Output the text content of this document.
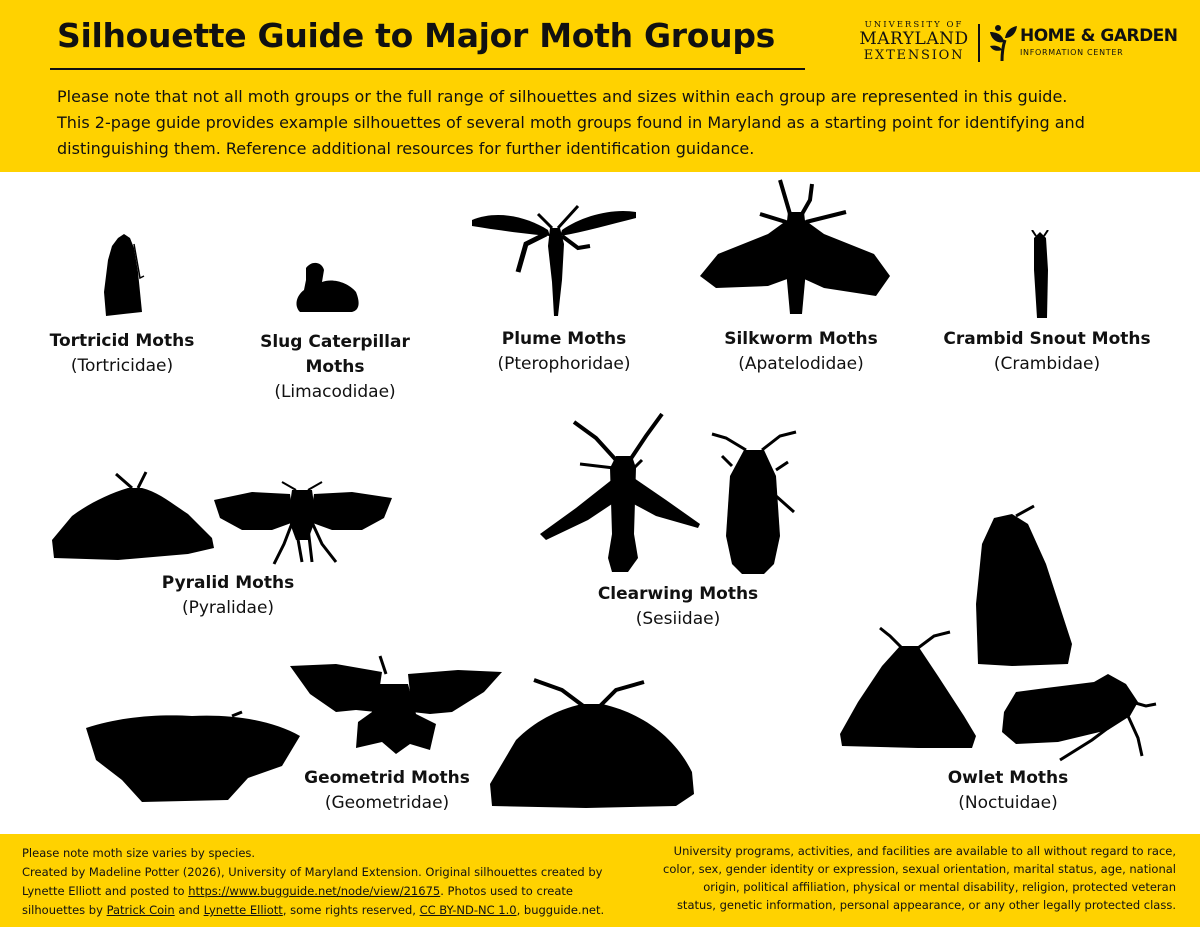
Silhouette Guide to Major Moth Groups	UNIVERSITY OF
MARYLAND
EXTENSION
HOME & GARDEN
INFORMATION CENTER
Please note that not all moth groups or the full range of silhouettes and sizes within each group are represented in this guide.
This 2-page guide provides example silhouettes of several moth groups found in Maryland as a starting point for identifying and
distinguishing them. Reference additional resources for further identification guidance.
Tortricid Moths
(Tortricidae)
Slug Caterpillar
Moths
(Limacodidae)
Plume Moths
(Pterophoridae)
Silkworm Moths
(Apatelodidae)
Crambid Snout Moths
(Crambidae)
Pyralid Moths
(Pyralidae)
Clearwing Moths
(Sesiidae)
Geometrid Moths
(Geometridae)
Owlet Moths
(Noctuidae)
Please note moth size varies by species.
Created by Madeline Potter (2026), University of Maryland Extension. Original silhouettes created by
Lynette Elliott and posted to https://www.bugguide.net/node/view/21675. Photos used to create
silhouettes by Patrick Coin and Lynette Elliott, some rights reserved, CC BY-ND-NC 1.0, bugguide.net.
University programs, activities, and facilities are available to all without regard to race,
color, sex, gender identity or expression, sexual orientation, marital status, age, national
origin, political affiliation, physical or mental disability, religion, protected veteran
status, genetic information, personal appearance, or any other legally protected class.
